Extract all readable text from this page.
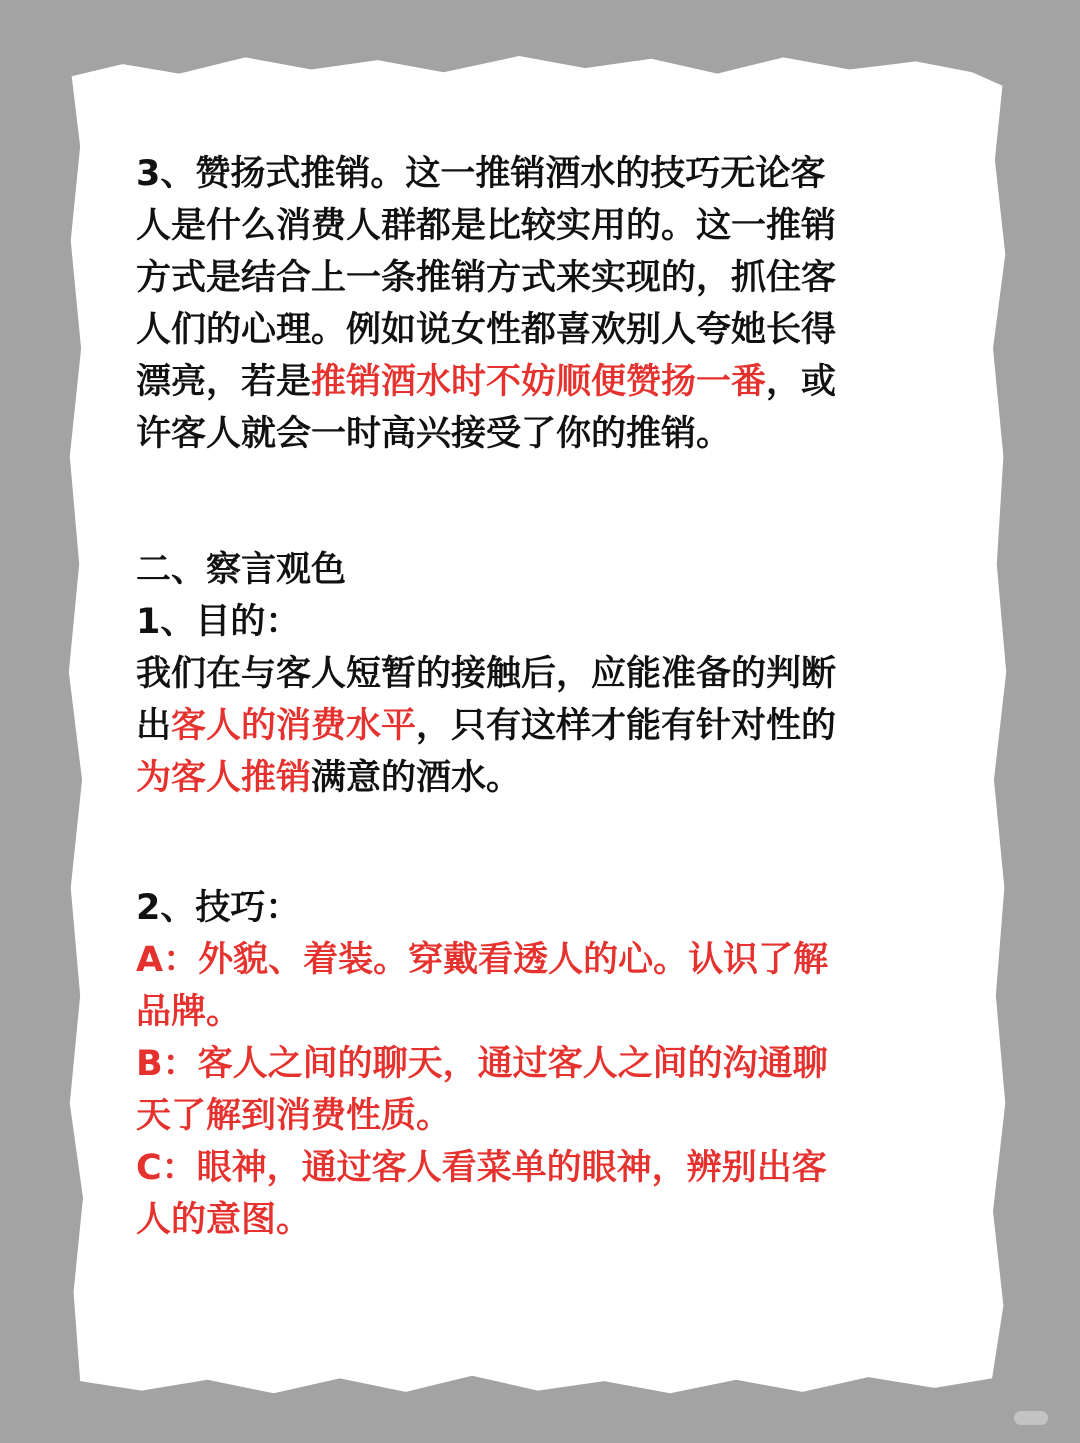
3、赞扬式推销。这一推销酒水的技巧无论客
人是什么消费人群都是比较实用的。这一推销
方式是结合上一条推销方式来实现的，抓住客
人们的心理。例如说女性都喜欢别人夸她长得
漂亮，若是推销酒水时不妨顺便赞扬一番，或
许客人就会一时高兴接受了你的推销。
二、察言观色
1、目的：
我们在与客人短暂的接触后，应能准备的判断
出客人的消费水平，只有这样才能有针对性的
为客人推销满意的酒水。
2、技巧：
A：外貌、着装。穿戴看透人的心。认识了解
品牌。
B：客人之间的聊天，通过客人之间的沟通聊
天了解到消费性质。
C：眼神，通过客人看菜单的眼神，辨别出客
人的意图。
